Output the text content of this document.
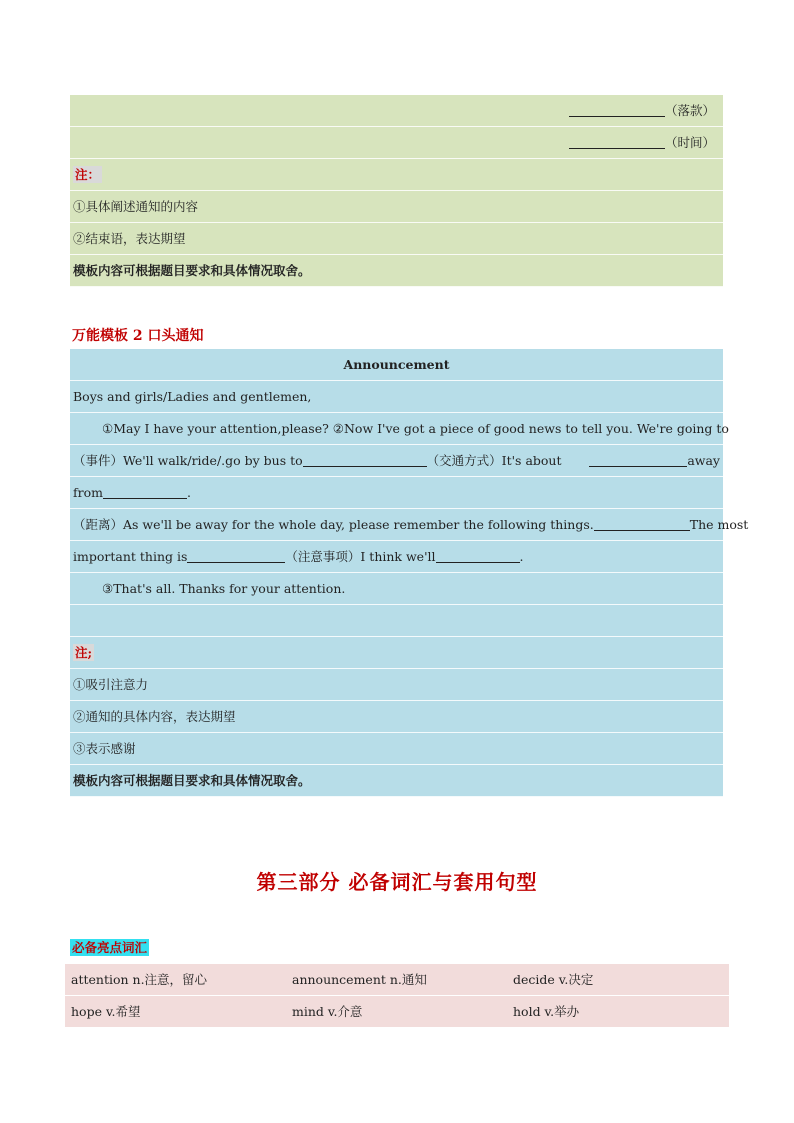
（落款）
（时间）
注：
①具体阐述通知的内容
②结束语，表达期望
模板内容可根据题目要求和具体情况取舍。
万能模板 2 口头通知
Announcement
Boys and girls/Ladies and gentlemen,
①May I have your attention,please? ②Now I've got a piece of good news to tell you. We're going to
（事件）We'll walk/ride/.go by bus to	（交通方式）It's about	away
from	.
（距离）As we'll be away for the whole day, please remember the following things.	The most
important thing is	（注意事项）I think we'll	.
③That's all. Thanks for your attention.
注;
①吸引注意力
②通知的具体内容，表达期望
③表示感谢
模板内容可根据题目要求和具体情况取舍。
第三部分 必备词汇与套用句型
必备亮点词汇
attention n.注意，留心	announcement n.通知	decide v.决定
hope v.希望	mind v.介意	hold v.举办
